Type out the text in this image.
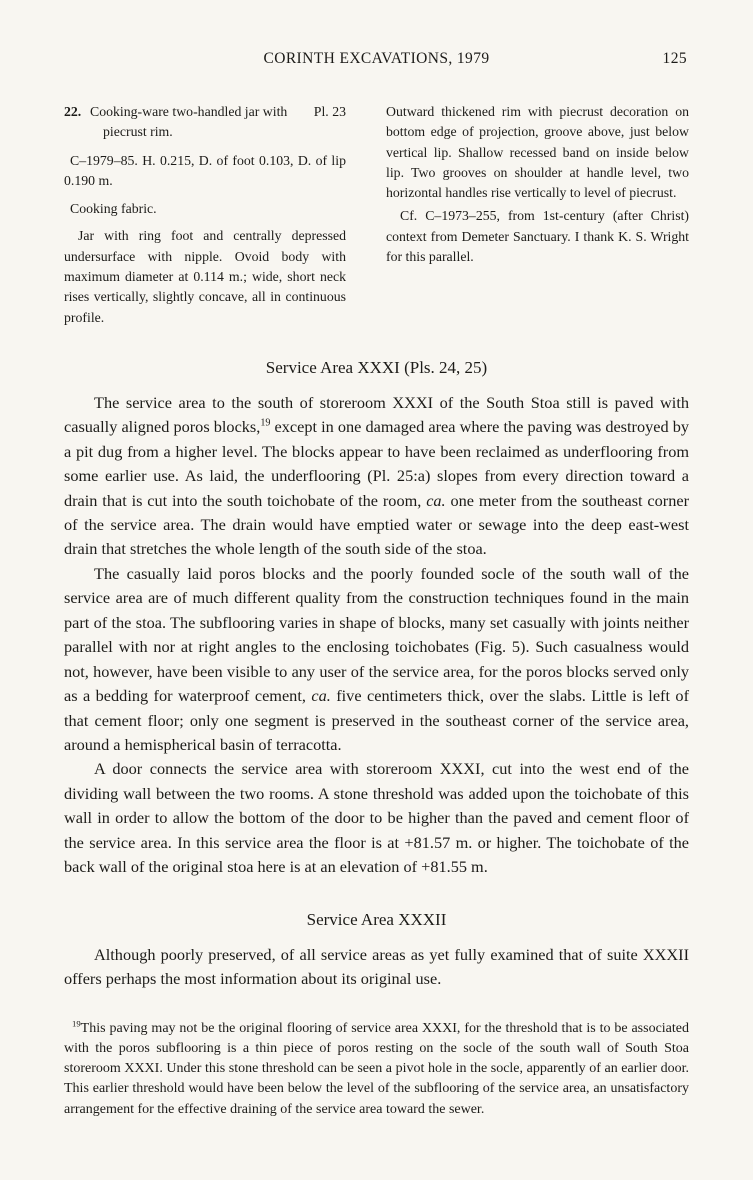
CORINTH EXCAVATIONS, 1979	125
22. Cooking-ware two-handled jar with Pl. 23
piecrust rim.

C–1979–85. H. 0.215, D. of foot 0.103, D. of lip 0.190 m.

Cooking fabric.

Jar with ring foot and centrally depressed undersurface with nipple. Ovoid body with maximum diameter at 0.114 m.; wide, short neck rises vertically, slightly concave, all in continuous profile.

Outward thickened rim with piecrust decoration on bottom edge of projection, groove above, just below vertical lip. Shallow recessed band on inside below lip. Two grooves on shoulder at handle level, two horizontal handles rise vertically to level of piecrust.

Cf. C–1973–255, from 1st-century (after Christ) context from Demeter Sanctuary. I thank K. S. Wright for this parallel.

Service Area XXXI (Pls. 24, 25)

The service area to the south of storeroom XXXI of the South Stoa still is paved with casually aligned poros blocks,$^{19}$ except in one damaged area where the paving was destroyed by a pit dug from a higher level. The blocks appear to have been reclaimed as underflooring from some earlier use. As laid, the underflooring (Pl. 25:a) slopes from every direction toward a drain that is cut into the south toichobate of the room, ca. one meter from the southeast corner of the service area. The drain would have emptied water or sewage into the deep east-west drain that stretches the whole length of the south side of the stoa.

The casually laid poros blocks and the poorly founded socle of the south wall of the service area are of much different quality from the construction techniques found in the main part of the stoa. The subflooring varies in shape of blocks, many set casually with joints neither parallel with nor at right angles to the enclosing toichobates (Fig. 5). Such casualness would not, however, have been visible to any user of the service area, for the poros blocks served only as a bedding for waterproof cement, ca. five centimeters thick, over the slabs. Little is left of that cement floor; only one segment is preserved in the southeast corner of the service area, around a hemispherical basin of terracotta.

A door connects the service area with storeroom XXXI, cut into the west end of the dividing wall between the two rooms. A stone threshold was added upon the toichobate of this wall in order to allow the bottom of the door to be higher than the paved and cement floor of the service area. In this service area the floor is at +81.57 m. or higher. The toichobate of the back wall of the original stoa here is at an elevation of +81.55 m.

Service Area XXXII

Although poorly preserved, of all service areas as yet fully examined that of suite XXXII offers perhaps the most information about its original use.

$^{19}$This paving may not be the original flooring of service area XXXI, for the threshold that is to be associated with the poros subflooring is a thin piece of poros resting on the socle of the south wall of South Stoa storeroom XXXI. Under this stone threshold can be seen a pivot hole in the socle, apparently of an earlier door. This earlier threshold would have been below the level of the subflooring of the service area, an unsatisfactory arrangement for the effective draining of the service area toward the sewer.
